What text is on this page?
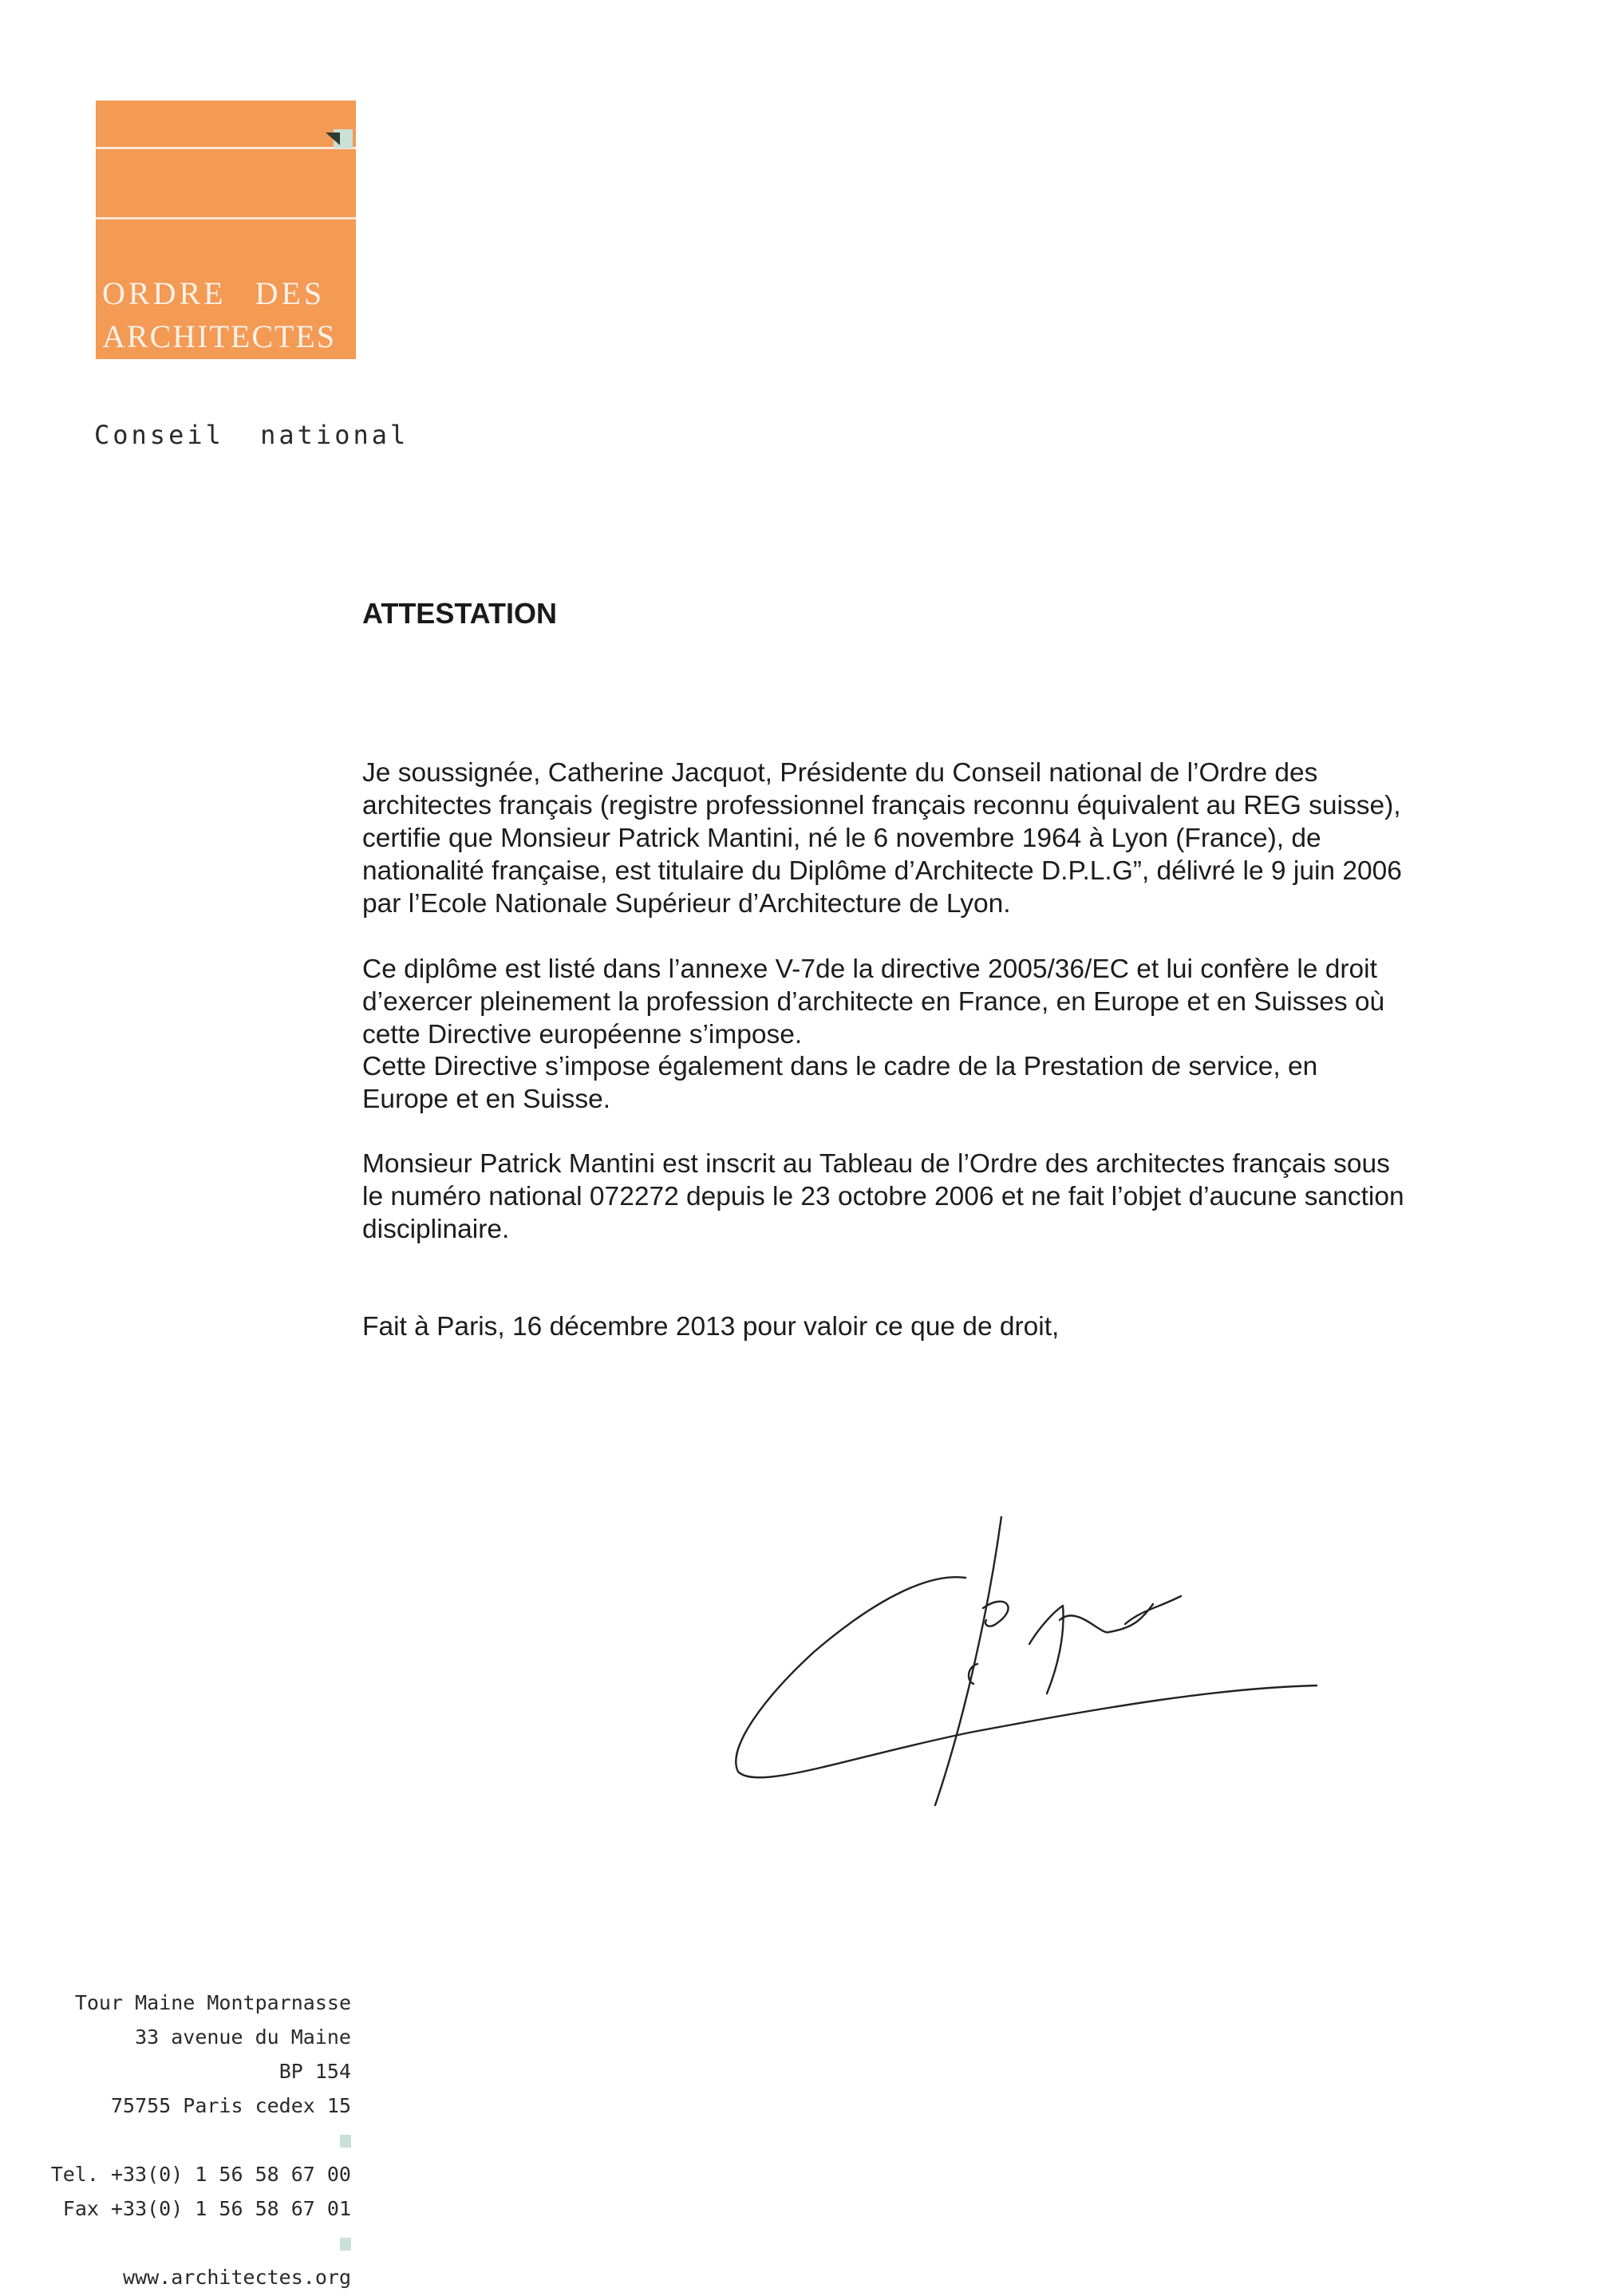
ORDRE DES
ARCHITECTES
Conseil national
ATTESTATION

Je soussignée, Catherine Jacquot, Présidente du Conseil national de l’Ordre des architectes français (registre professionnel français reconnu équivalent au REG suisse), certifie que Monsieur Patrick Mantini, né le 6 novembre 1964 à Lyon (France), de nationalité française, est titulaire du Diplôme d’Architecte D.P.L.G”, délivré le 9 juin 2006 par l’Ecole Nationale Supérieur d’Architecture de Lyon.

Ce diplôme est listé dans l’annexe V-7de la directive 2005/36/EC et lui confère le droit d’exercer pleinement la profession d’architecte en France, en Europe et en Suisses où cette Directive européenne s’impose.

Cette Directive s’impose également dans le cadre de la Prestation de service, en Europe et en Suisse.

Monsieur Patrick Mantini est inscrit au Tableau de l’Ordre des architectes français sous le numéro national 072272 depuis le 23 octobre 2006 et ne fait l’objet d’aucune sanction disciplinaire.

Fait à Paris, 16 décembre 2013 pour valoir ce que de droit,

Tour Maine Montparnasse
33 avenue du Maine
BP 154
75755 Paris cedex 15
Tel. +33(0) 1 56 58 67 00
Fax +33(0) 1 56 58 67 01
www.architectes.org
